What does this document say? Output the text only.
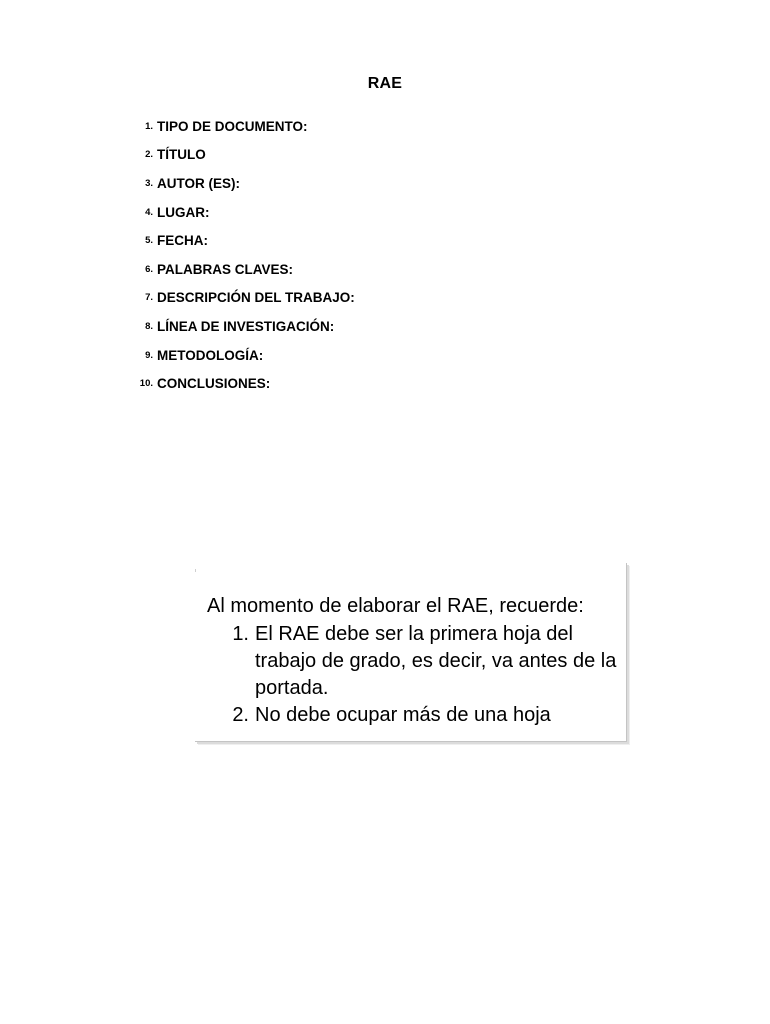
RAE
1. TIPO DE DOCUMENTO:
2. TÍTULO
3. AUTOR (ES):
4. LUGAR:
5. FECHA:
6. PALABRAS CLAVES:
7. DESCRIPCIÓN DEL TRABAJO:
8. LÍNEA DE INVESTIGACIÓN:
9. METODOLOGÍA:
10. CONCLUSIONES:
Al momento de elaborar el RAE, recuerde:
1. El RAE debe ser la primera hoja del trabajo de grado, es decir, va antes de la portada.
2. No debe ocupar más de una hoja
